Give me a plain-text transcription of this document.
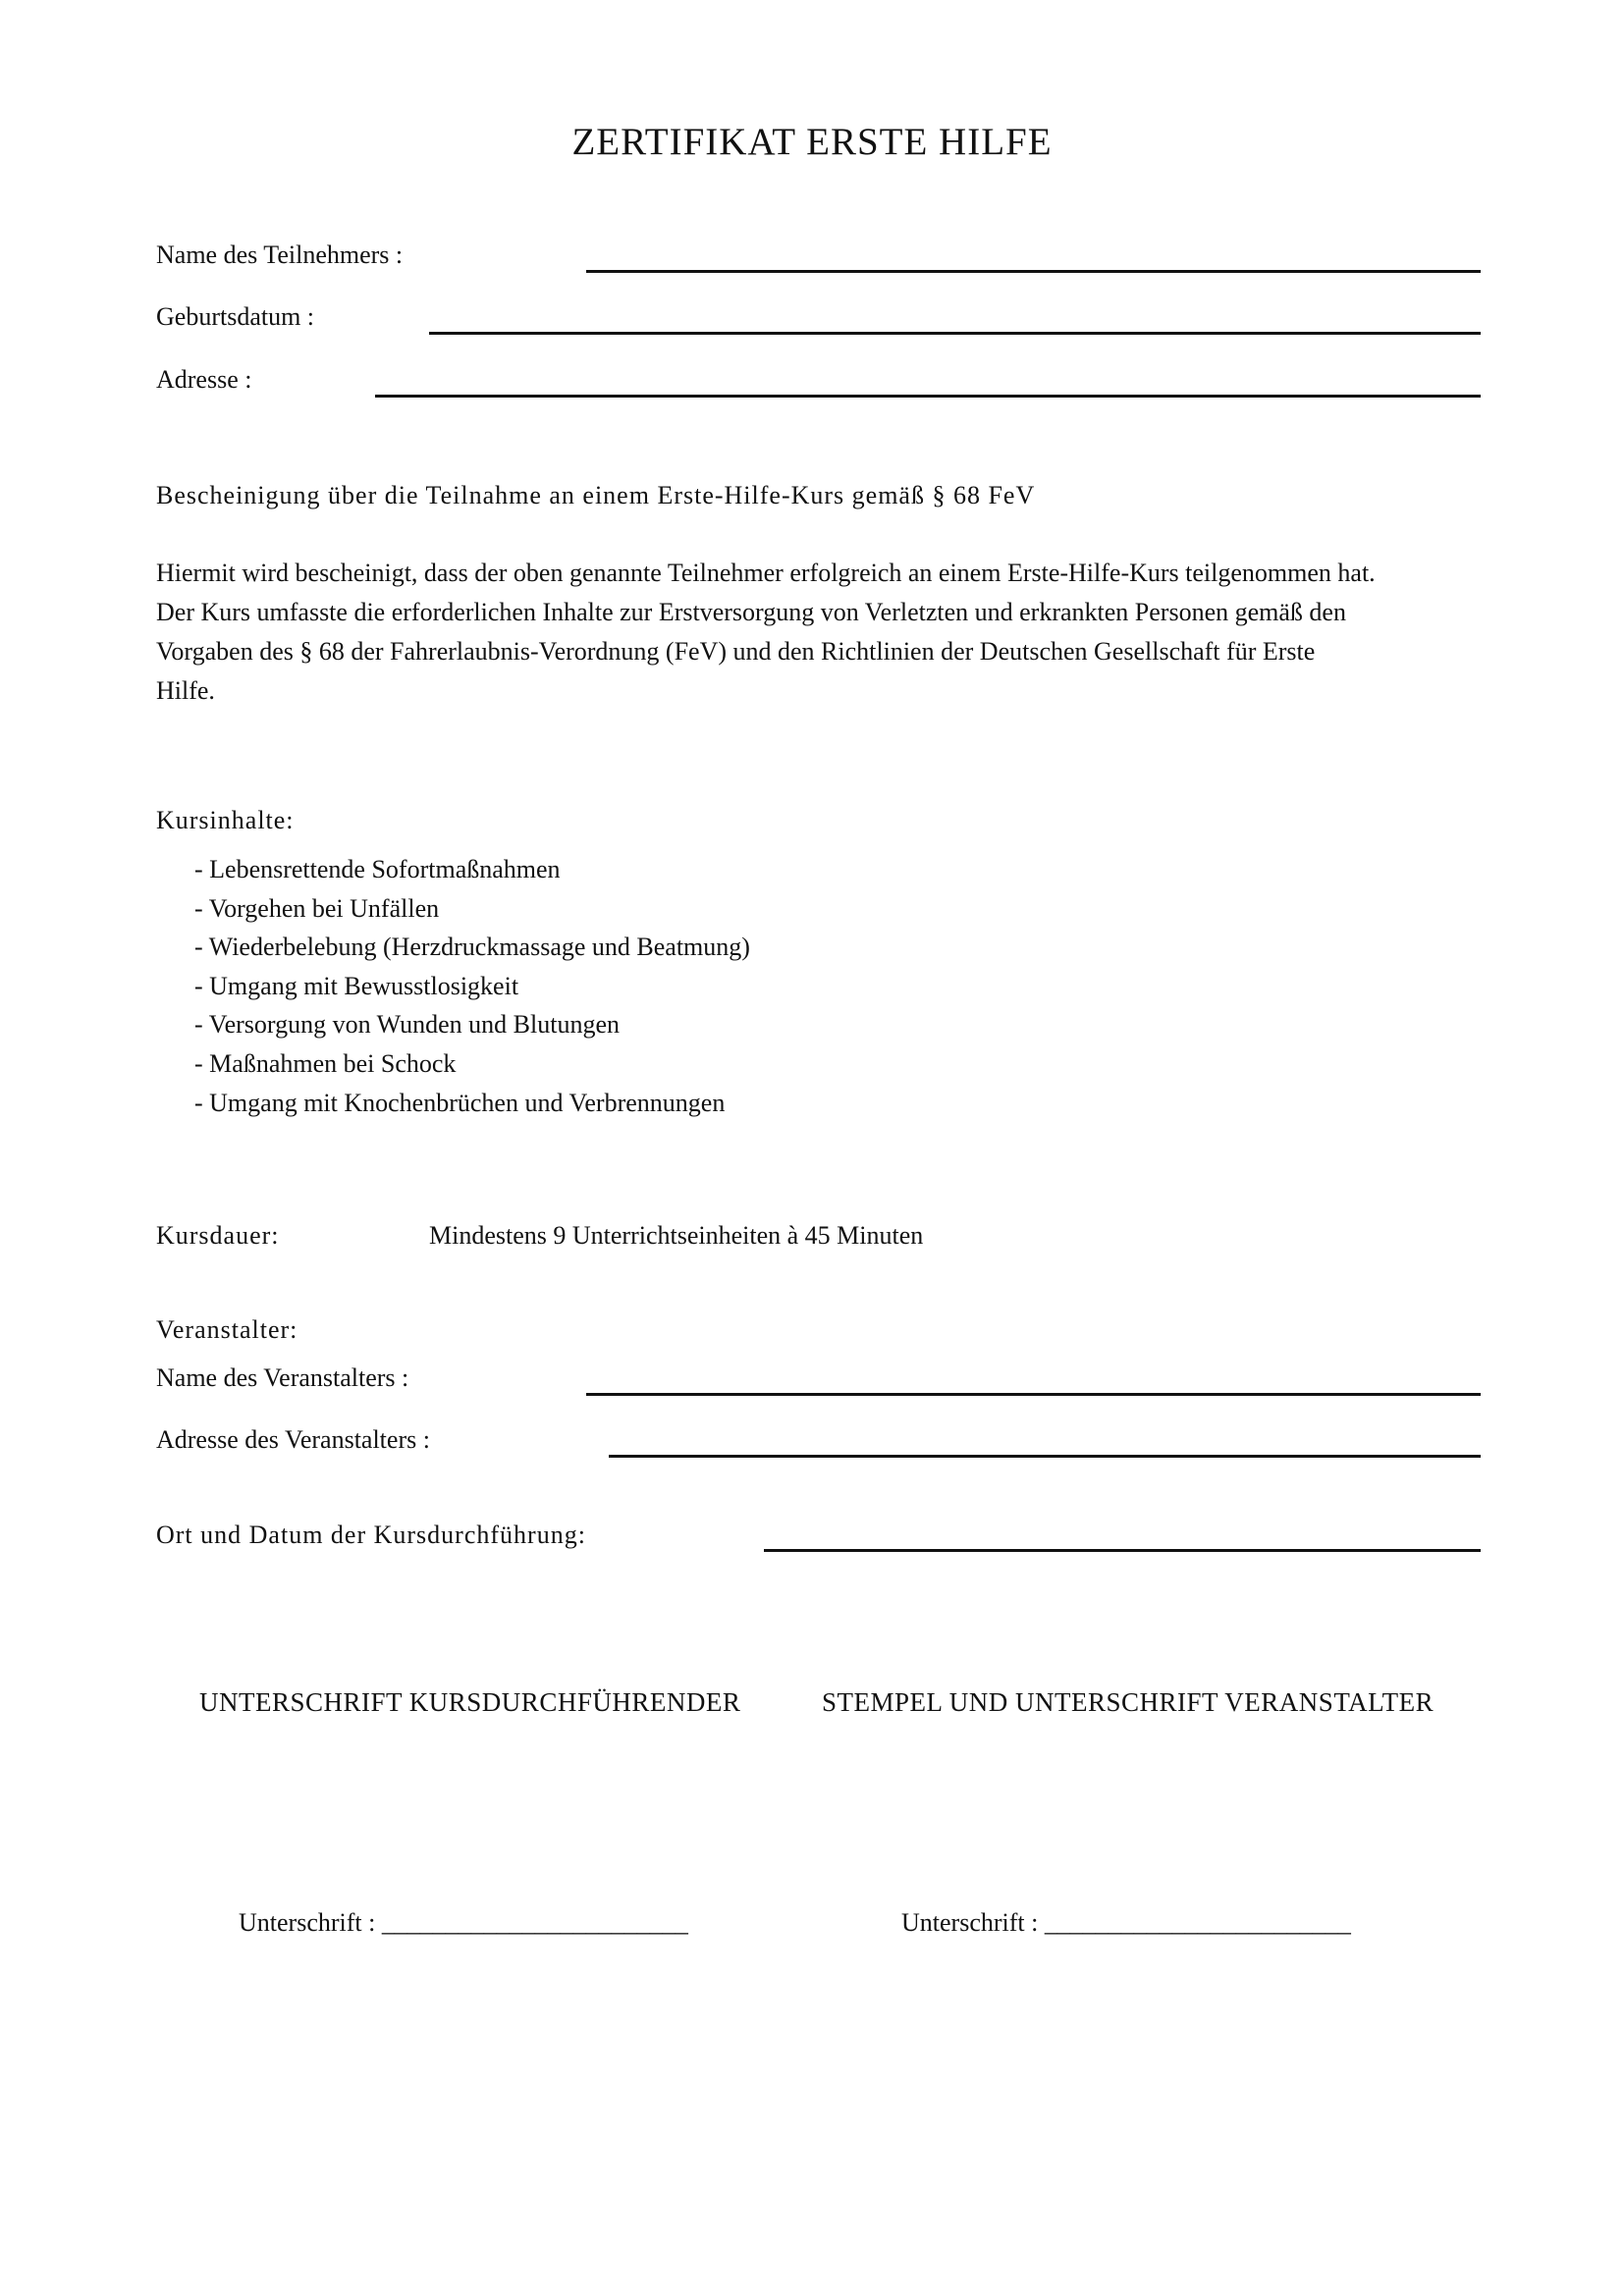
ZERTIFIKAT ERSTE HILFE
Name des Teilnehmers :
Geburtsdatum :
Adresse :
Bescheinigung über die Teilnahme an einem Erste-Hilfe-Kurs gemäß § 68 FeV

Hiermit wird bescheinigt, dass der oben genannte Teilnehmer erfolgreich an einem Erste-Hilfe-Kurs teilgenommen hat.

Der Kurs umfasste die erforderlichen Inhalte zur Erstversorgung von Verletzten und erkrankten Personen gemäß den

Vorgaben des § 68 der Fahrerlaubnis-Verordnung (FeV) und den Richtlinien der Deutschen Gesellschaft für Erste

Hilfe.

Kursinhalte:
- Lebensrettende Sofortmaßnahmen
- Vorgehen bei Unfällen
- Wiederbelebung (Herzdruckmassage und Beatmung)
- Umgang mit Bewusstlosigkeit
- Versorgung von Wunden und Blutungen
- Maßnahmen bei Schock
- Umgang mit Knochenbrüchen und Verbrennungen
Kursdauer:	Mindestens 9 Unterrichtseinheiten à 45 Minuten
Veranstalter:
Name des Veranstalters :
Adresse des Veranstalters :
Ort und Datum der Kursdurchführung:
UNTERSCHRIFT KURSDURCHFÜHRENDER	STEMPEL UND UNTERSCHRIFT VERANSTALTER
Unterschrift : ________________________	Unterschrift : ________________________
